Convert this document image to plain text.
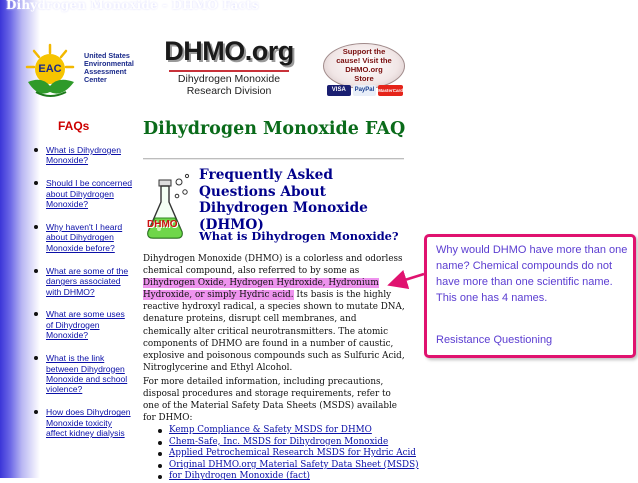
Dihydrogen Monoxide - DHMO Facts
EAC
United States
Environmental
Assessment
Center
DHMO.org
Dihydrogen Monoxide
Research Division
Support the
cause! Visit the
DHMO.org
Store
VISA	PayPal MasterCard
FAQs
What is Dihydrogen Monoxide?
Should I be concerned about Dihydrogen Monoxide?
Why haven't I heard about Dihydrogen Monoxide before?
What are some of the dangers associated with DHMO?
What are some uses of Dihydrogen Monoxide?
What is the link between Dihydrogen Monoxide and school violence?
How does Dihydrogen Monoxide toxicity affect kidney dialysis
Dihydrogen Monoxide FAQ
DHMO
Frequently Asked Questions About Dihydrogen Monoxide (DHMO)
What is Dihydrogen Monoxide?
Dihydrogen Monoxide (DHMO) is a colorless and odorless chemical compound, also referred to by some as Dihydrogen Oxide, Hydrogen Hydroxide, Hydronium Hydroxide, or simply Hydric acid. Its basis is the highly reactive hydroxyl radical, a species shown to mutate DNA, denature proteins, disrupt cell membranes, and chemically alter critical neurotransmitters. The atomic components of DHMO are found in a number of caustic, explosive and poisonous compounds such as Sulfuric Acid, Nitroglycerine and Ethyl Alcohol.
For more detailed information, including precautions, disposal procedures and storage requirements, refer to one of the Material Safety Data Sheets (MSDS) available for DHMO:
Kemp Compliance & Safety MSDS for DHMO
Chem-Safe, Inc. MSDS for Dihydrogen Monoxide
Applied Petrochemical Research MSDS for Hydric Acid
Original DHMO.org Material Safety Data Sheet (MSDS)
for Dihydrogen Monoxide (fact)
Why would DHMO have more than one name? Chemical compounds do not have more than one scientific name. This one has 4 names.
Resistance Questioning
